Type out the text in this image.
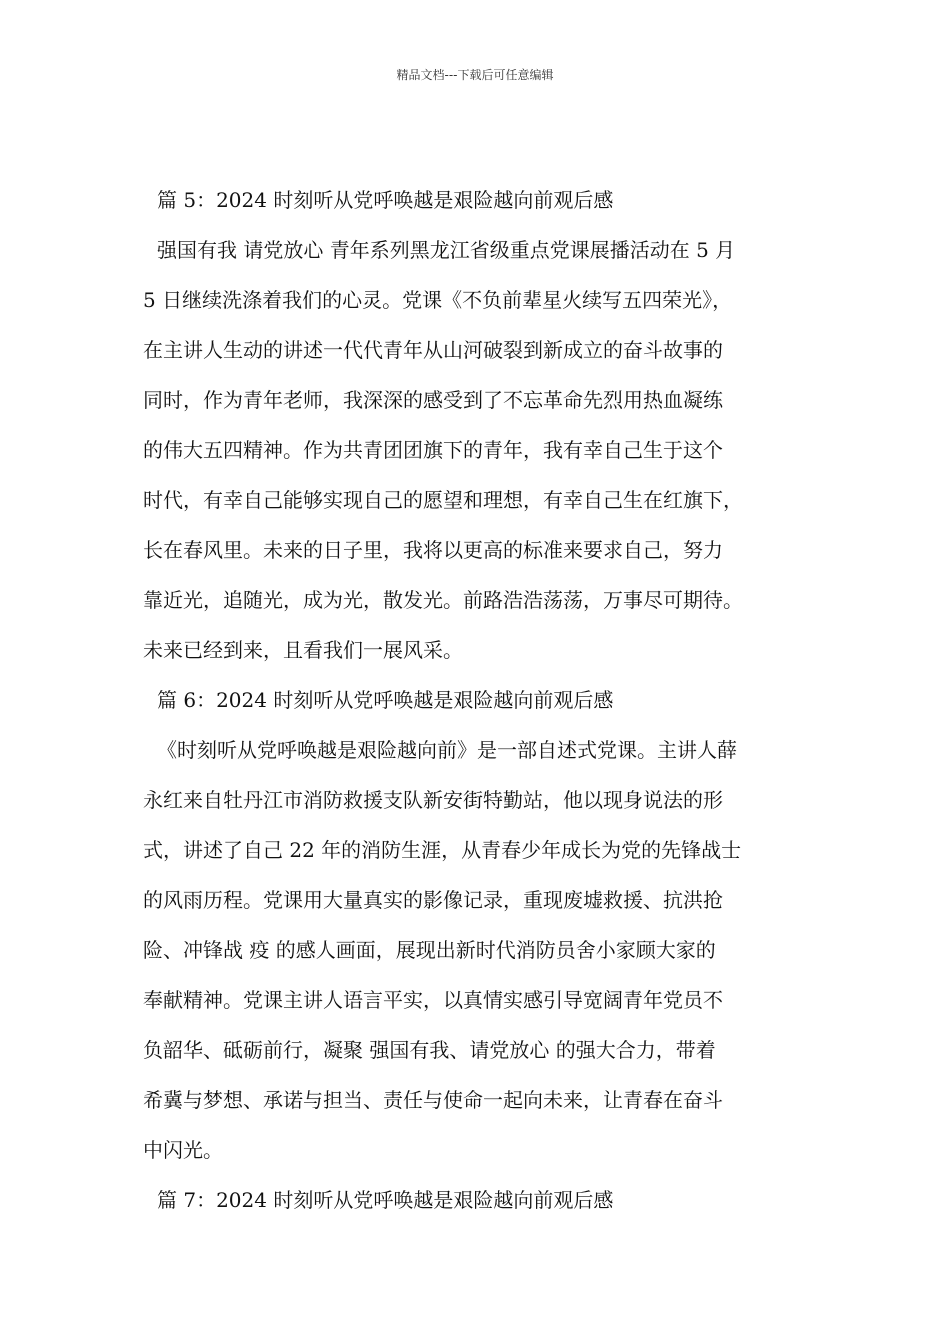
精品文档---下载后可任意编辑
篇 5：2024 时刻听从党呼唤越是艰险越向前观后感
强国有我 请党放心 青年系列黑龙江省级重点党课展播活动在 5 月
5 日继续洗涤着我们的心灵。党课《不负前辈星火续写五四荣光》，
在主讲人生动的讲述一代代青年从山河破裂到新成立的奋斗故事的
同时，作为青年老师，我深深的感受到了不忘革命先烈用热血凝练
的伟大五四精神。作为共青团团旗下的青年，我有幸自己生于这个
时代，有幸自己能够实现自己的愿望和理想，有幸自己生在红旗下，
长在春风里。未来的日子里，我将以更高的标准来要求自己，努力
靠近光，追随光，成为光，散发光。前路浩浩荡荡，万事尽可期待。
未来已经到来，且看我们一展风采。
篇 6：2024 时刻听从党呼唤越是艰险越向前观后感
《时刻听从党呼唤越是艰险越向前》是一部自述式党课。主讲人薛
永红来自牡丹江市消防救援支队新安街特勤站，他以现身说法的形
式，讲述了自己 22 年的消防生涯，从青春少年成长为党的先锋战士
的风雨历程。党课用大量真实的影像记录，重现废墟救援、抗洪抢
险、冲锋战 疫 的感人画面，展现出新时代消防员舍小家顾大家的
奉献精神。党课主讲人语言平实，以真情实感引导宽阔青年党员不
负韶华、砥砺前行，凝聚 强国有我、请党放心 的强大合力，带着
希冀与梦想、承诺与担当、责任与使命一起向未来，让青春在奋斗
中闪光。
篇 7：2024 时刻听从党呼唤越是艰险越向前观后感
